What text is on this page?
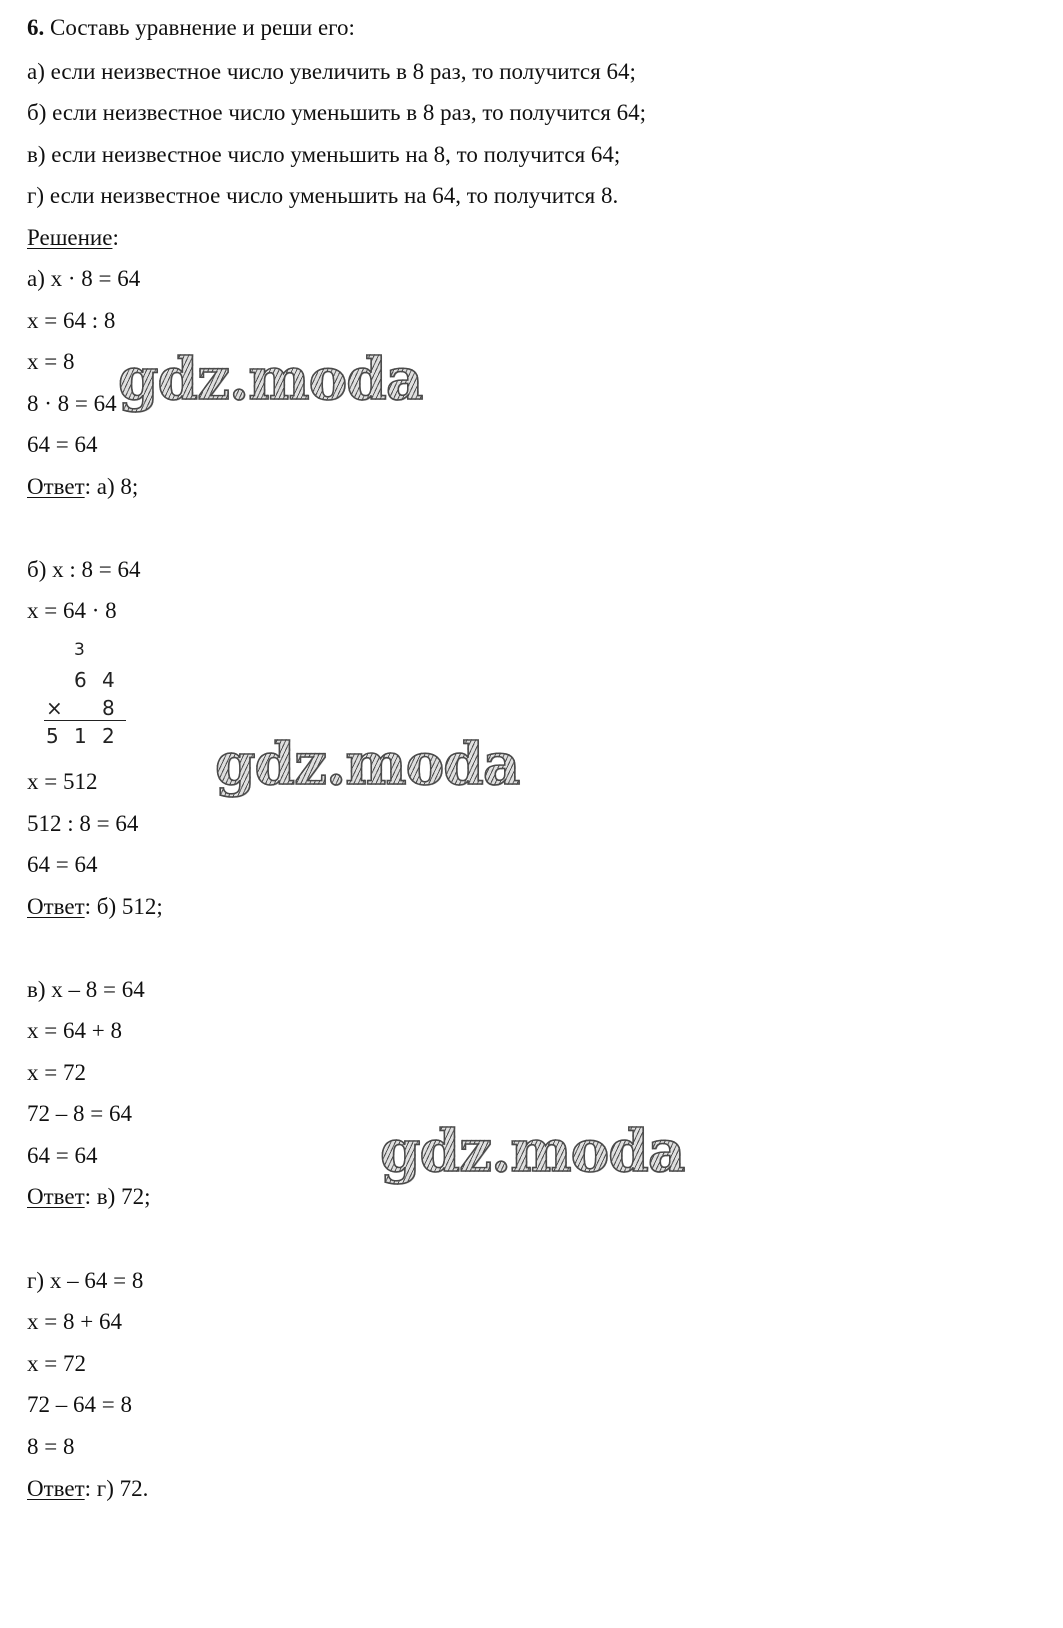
6. Составь уравнение и реши его:
а) если неизвестное число увеличить в 8 раз, то получится 64;
б) если неизвестное число уменьшить в 8 раз, то получится 64;
в) если неизвестное число уменьшить на 8, то получится 64;
г) если неизвестное число уменьшить на 64, то получится 8.
Решение:
а) x · 8 = 64
x = 64 : 8
x = 8
8 · 8 = 64
64 = 64
Ответ: а) 8;
б) x : 8 = 64
x = 64 · 8
3
6 4
× 8
5 1 2
x = 512
512 : 8 = 64
64 = 64
Ответ: б) 512;
в) x – 8 = 64
x = 64 + 8
x = 72
72 – 8 = 64
64 = 64
Ответ: в) 72;
г) x – 64 = 8
x = 8 + 64
x = 72
72 – 64 = 8
8 = 8
Ответ: г) 72.
gdz.moda
gdz.moda
gdz.moda
